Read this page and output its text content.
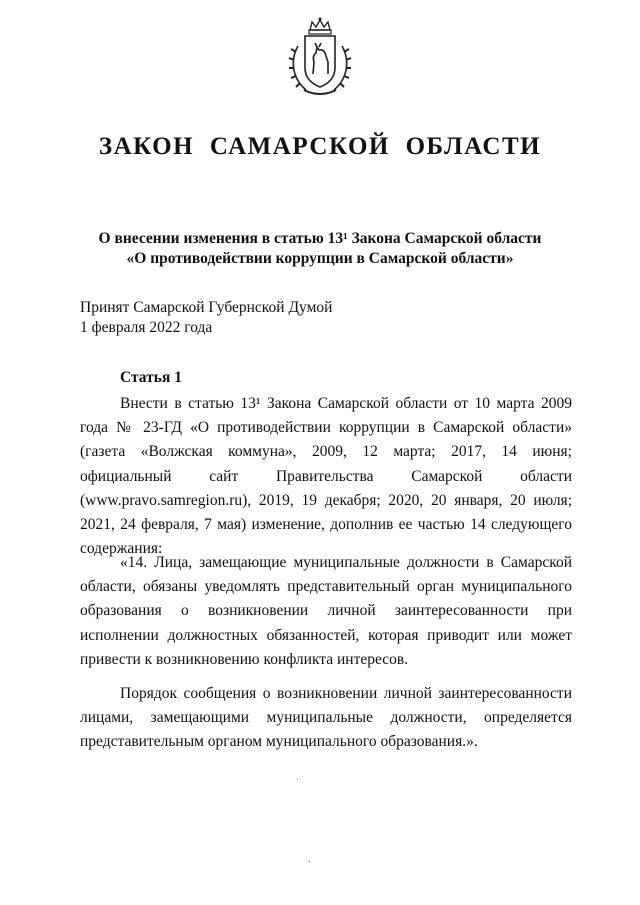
ЗАКОН САМАРСКОЙ ОБЛАСТИ
О внесении изменения в статью 13¹ Закона Самарской области
«О противодействии коррупции в Самарской области»
Принят Самарской Губернской Думой
1 февраля 2022 года
Статья 1
Внести в статью 13¹ Закона Самарской области от 10 марта 2009 года № 23-ГД «О противодействии коррупции в Самарской области» (газета «Волжская коммуна», 2009, 12 марта; 2017, 14 июня; официальный сайт Правительства Самарской области (www.pravo.samregion.ru), 2019, 19 декабря; 2020, 20 января, 20 июля; 2021, 24 февраля, 7 мая) изменение, дополнив ее частью 14 следующего содержания:
«14. Лица, замещающие муниципальные должности в Самарской области, обязаны уведомлять представительный орган муниципального образования о возникновении личной заинтересованности при исполнении должностных обязанностей, которая приводит или может привести к возникновению конфликта интересов.
Порядок сообщения о возникновении личной заинтересованности лицами, замещающими муниципальные должности, определяется представительным органом муниципального образования.».
